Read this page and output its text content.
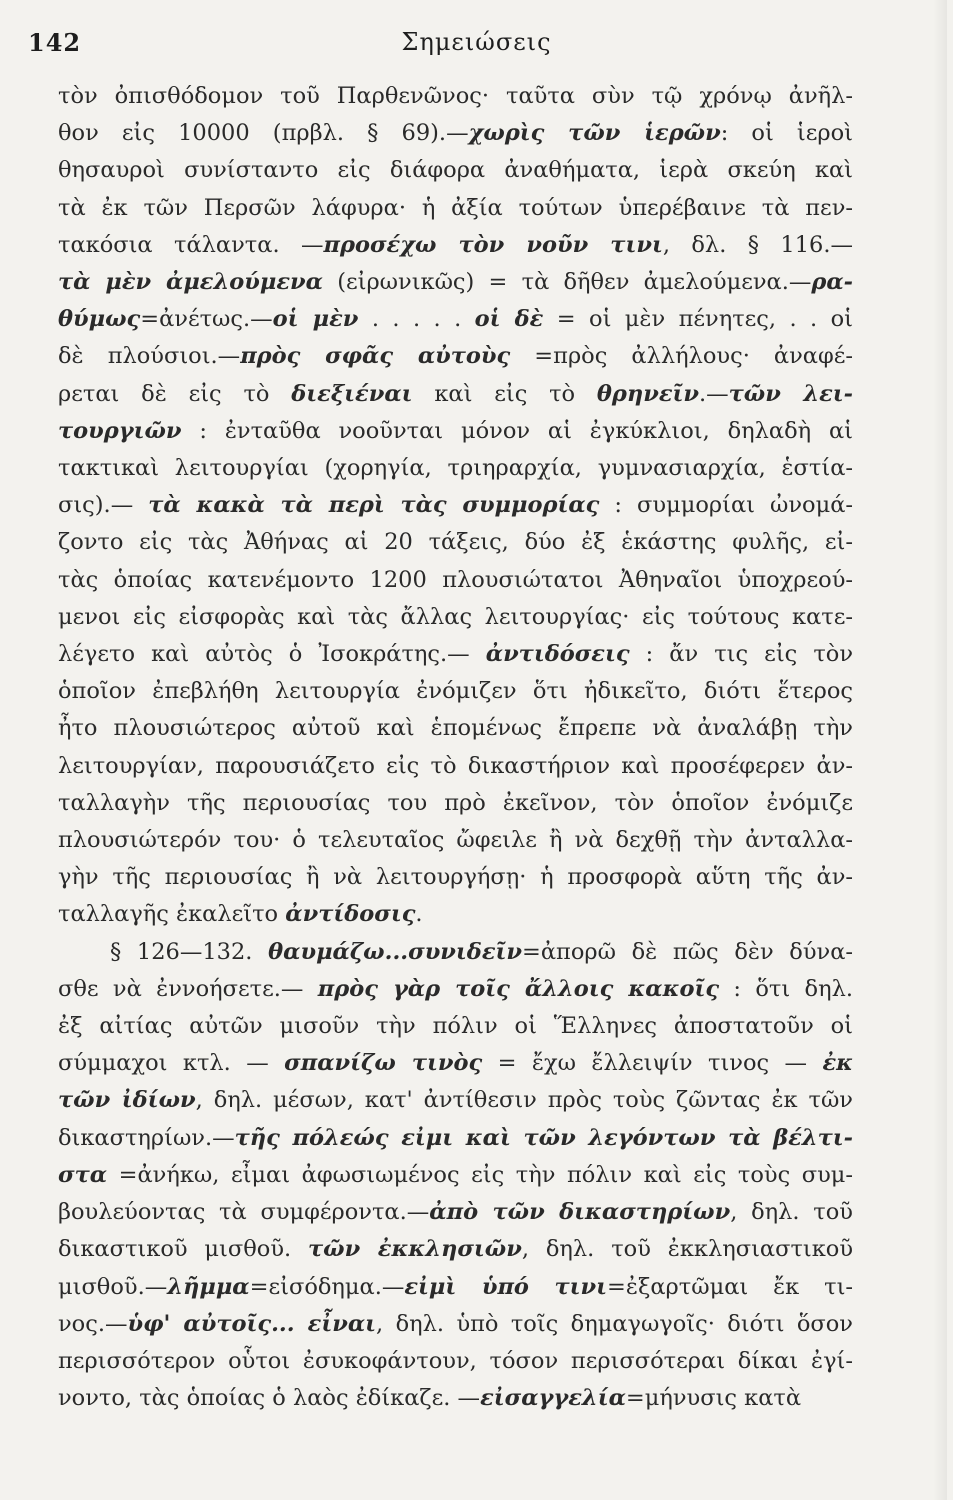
142	Σημειώσεις
τὸν ὀπισθόδομον τοῦ Παρθενῶνος· ταῦτα σὺν τῷ χρόνῳ ἀνῆλ-
θον εἰς 10000 (πρβλ. § 69).—χωρὶς τῶν ἱερῶν: οἱ ἱεροὶ
θησαυροὶ συνίσταντο εἰς διάφορα ἀναθήματα, ἱερὰ σκεύη καὶ
τὰ ἐκ τῶν Περσῶν λάφυρα· ἡ ἀξία τούτων ὑπερέβαινε τὰ πεν-
τακόσια τάλαντα. —προσέχω τὸν νοῦν τινι, δλ. § 116.—
τὰ μὲν ἀμελούμενα (εἰρωνικῶς) = τὰ δῆθεν ἀμελούμενα.—ρα-
θύμως=ἀνέτως.—οἱ μὲν . . . . . οἱ δὲ = οἱ μὲν πένητες, . . οἱ
δὲ πλούσιοι.—πρὸς σφᾶς αὐτοὺς =πρὸς ἀλλήλους· ἀναφέ-
ρεται δὲ εἰς τὸ διεξιέναι καὶ εἰς τὸ θρηνεῖν.—τῶν λει-
τουργιῶν : ἐνταῦθα νοοῦνται μόνον αἱ ἐγκύκλιοι, δηλαδὴ αἱ
τακτικαὶ λειτουργίαι (χορηγία, τριηραρχία, γυμνασιαρχία, ἑστία-
σις).— τὰ κακὰ τὰ περὶ τὰς συμμορίας : συμμορίαι ὠνομά-
ζοντο εἰς τὰς Ἀθήνας αἱ 20 τάξεις, δύο ἐξ ἑκάστης φυλῆς, εἰ-
τὰς ὁποίας κατενέμοντο 1200 πλουσιώτατοι Ἀθηναῖοι ὑποχρεού-
μενοι εἰς εἰσφορὰς καὶ τὰς ἄλλας λειτουργίας· εἰς τούτους κατε-
λέγετο καὶ αὐτὸς ὁ Ἰσοκράτης.— ἀντιδόσεις : ἄν τις εἰς τὸν
ὁποῖον ἐπεβλήθη λειτουργία ἐνόμιζεν ὅτι ἠδικεῖτο, διότι ἕτερος
ἦτο πλουσιώτερος αὐτοῦ καὶ ἑπομένως ἔπρεπε νὰ ἀναλάβῃ τὴν
λειτουργίαν, παρουσιάζετο εἰς τὸ δικαστήριον καὶ προσέφερεν ἀν-
ταλλαγὴν τῆς περιουσίας του πρὸ ἐκεῖνον, τὸν ὁποῖον ἐνόμιζε
πλουσιώτερόν του· ὁ τελευταῖος ὤφειλε ἢ νὰ δεχθῇ τὴν ἀνταλλα-
γὴν τῆς περιουσίας ἢ νὰ λειτουργήσῃ· ἡ προσφορὰ αὕτη τῆς ἀν-
ταλλαγῆς ἐκαλεῖτο ἀντίδοσις.
§ 126—132. θαυμάζω...συνιδεῖν=ἀπορῶ δὲ πῶς δὲν δύνα-
σθε νὰ ἐννοήσετε.— πρὸς γὰρ τοῖς ἄλλοις κακοῖς : ὅτι δηλ.
ἐξ αἰτίας αὐτῶν μισοῦν τὴν πόλιν οἱ Ἕλληνες ἀποστατοῦν οἱ
σύμμαχοι κτλ. — σπανίζω τινὸς = ἔχω ἔλλειψίν τινος — ἐκ
τῶν ἰδίων, δηλ. μέσων, κατ' ἀντίθεσιν πρὸς τοὺς ζῶντας ἐκ τῶν
δικαστηρίων.—τῆς πόλεώς εἰμι καὶ τῶν λεγόντων τὰ βέλτι-
στα =ἀνήκω, εἶμαι ἀφωσιωμένος εἰς τὴν πόλιν καὶ εἰς τοὺς συμ-
βουλεύοντας τὰ συμφέροντα.—ἀπὸ τῶν δικαστηρίων, δηλ. τοῦ
δικαστικοῦ μισθοῦ. τῶν ἐκκλησιῶν, δηλ. τοῦ ἐκκλησιαστικοῦ
μισθοῦ.—λῆμμα=εἰσόδημα.—εἰμὶ ὑπό τινι=ἐξαρτῶμαι ἔκ τι-
νος.—ὑφ' αὐτοῖς... εἶναι, δηλ. ὑπὸ τοῖς δημαγωγοῖς· διότι ὅσον
περισσότερον οὗτοι ἐσυκοφάντουν, τόσον περισσότεραι δίκαι ἐγί-
νοντο, τὰς ὁποίας ὁ λαὸς ἐδίκαζε. —εἰσαγγελία=μήνυσις κατὰ
